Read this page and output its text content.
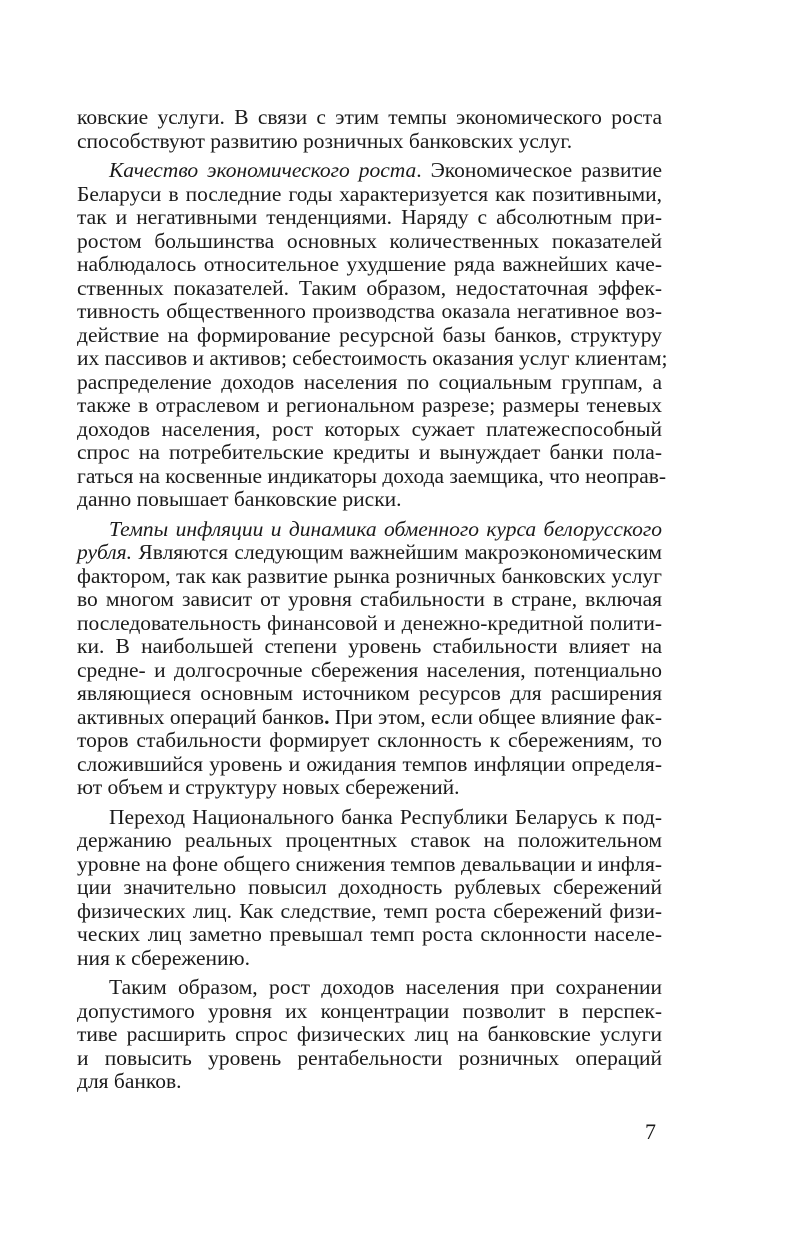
ковские услуги. В связи с этим темпы экономического роста
способствуют развитию розничных банковских услуг.
Качество экономического роста. Экономическое развитие
Беларуси в последние годы характеризуется как позитивными,
так и негативными тенденциями. Наряду с абсолютным при-
ростом большинства основных количественных показателей
наблюдалось относительное ухудшение ряда важнейших каче-
ственных показателей. Таким образом, недостаточная эффек-
тивность общественного производства оказала негативное воз-
действие на формирование ресурсной базы банков, структуру
их пассивов и активов; себестоимость оказания услуг клиентам;
распределение доходов населения по социальным группам, а
также в отраслевом и региональном разрезе; размеры теневых
доходов населения, рост которых сужает платежеспособный
спрос на потребительские кредиты и вынуждает банки пола-
гаться на косвенные индикаторы дохода заемщика, что неоправ-
данно повышает банковские риски.
Темпы инфляции и динамика обменного курса белорусского
рубля. Являются следующим важнейшим макроэкономическим
фактором, так как развитие рынка розничных банковских услуг
во многом зависит от уровня стабильности в стране, включая
последовательность финансовой и денежно-кредитной полити-
ки. В наибольшей степени уровень стабильности влияет на
средне- и долгосрочные сбережения населения, потенциально
являющиеся основным источником ресурсов для расширения
активных операций банков. При этом, если общее влияние фак-
торов стабильности формирует склонность к сбережениям, то
сложившийся уровень и ожидания темпов инфляции определя-
ют объем и структуру новых сбережений.
Переход Национального банка Республики Беларусь к под-
держанию реальных процентных ставок на положительном
уровне на фоне общего снижения темпов девальвации и инфля-
ции значительно повысил доходность рублевых сбережений
физических лиц. Как следствие, темп роста сбережений физи-
ческих лиц заметно превышал темп роста склонности населе-
ния к сбережению.
Таким образом, рост доходов населения при сохранении
допустимого уровня их концентрации позволит в перспек-
тиве расширить спрос физических лиц на банковские услуги
и повысить уровень рентабельности розничных операций
для банков.
7
